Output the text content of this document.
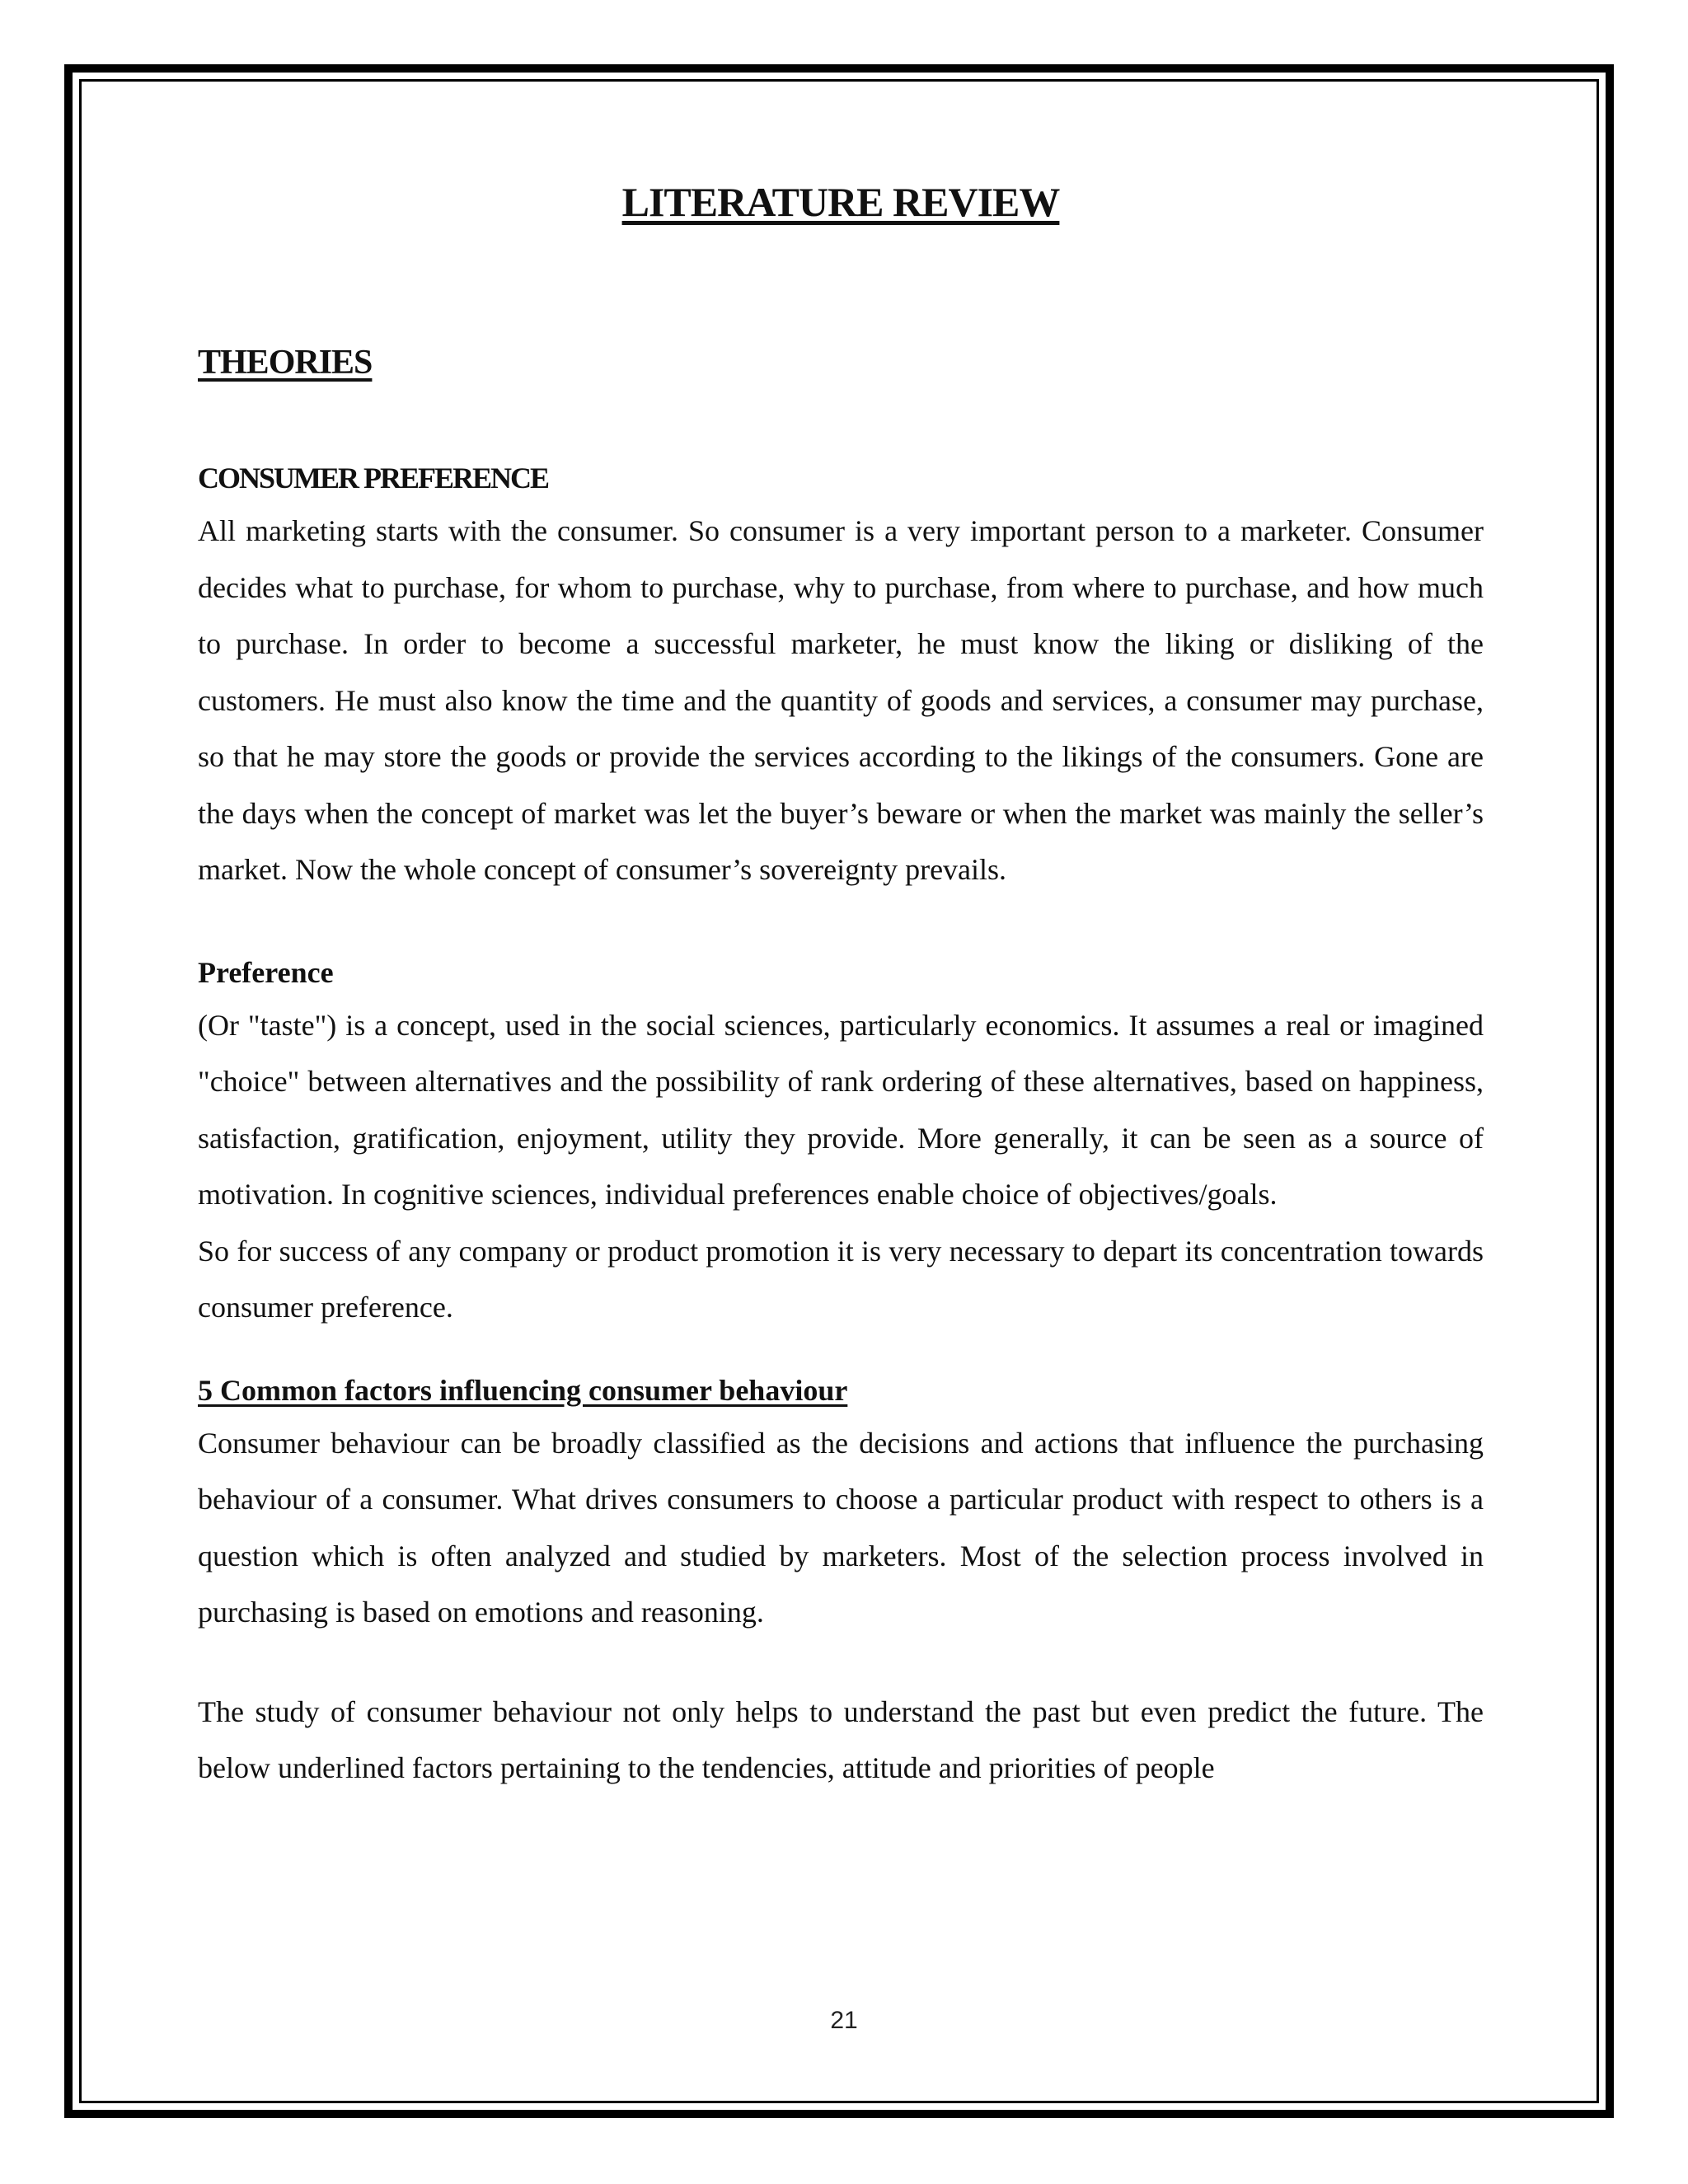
LITERATURE REVIEW
THEORIES
CONSUMER PREFERENCE

All marketing starts with the consumer. So consumer is a very important person to a marketer. Consumer decides what to purchase, for whom to purchase, why to purchase, from where to purchase, and how much to purchase. In order to become a successful marketer, he must know the liking or disliking of the customers. He must also know the time and the quantity of goods and services, a consumer may purchase, so that he may store the goods or provide the services according to the likings of the consumers. Gone are the days when the concept of market was let the buyer’s beware or when the market was mainly the seller’s market. Now the whole concept of consumer’s sovereignty prevails.

Preference

(Or "taste") is a concept, used in the social sciences, particularly economics. It assumes a real or imagined "choice" between alternatives and the possibility of rank ordering of these alternatives, based on happiness, satisfaction, gratification, enjoyment, utility they provide. More generally, it can be seen as a source of motivation. In cognitive sciences, individual preferences enable choice of objectives/goals.

So for success of any company or product promotion it is very necessary to depart its concentration towards consumer preference.

5 Common factors influencing consumer behaviour

Consumer behaviour can be broadly classified as the decisions and actions that influence the purchasing behaviour of a consumer. What drives consumers to choose a particular product with respect to others is a question which is often analyzed and studied by marketers. Most of the selection process involved in purchasing is based on emotions and reasoning.

The study of consumer behaviour not only helps to understand the past but even predict the future. The below underlined factors pertaining to the tendencies, attitude and priorities of people

21
